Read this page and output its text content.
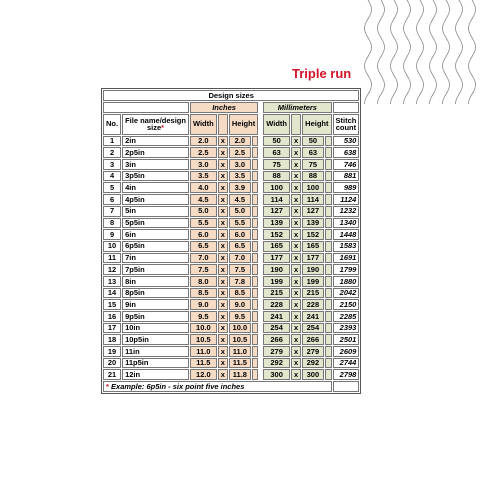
Triple run
Design sizes											
		Inches					Millimeters				
No.	File name/design
size*	Width		Height			Width		Height		Stitch
count
1	2in	2.0	x	2.0			50	x	50		530
2	2p5in	2.5	x	2.5			63	x	63		638
3	3in	3.0	x	3.0			75	x	75		746
4	3p5in	3.5	x	3.5			88	x	88		881
5	4in	4.0	x	3.9			100	x	100		989
6	4p5in	4.5	x	4.5			114	x	114		1124
7	5in	5.0	x	5.0			127	x	127		1232
8	5p5in	5.5	x	5.5			139	x	139		1340
9	6in	6.0	x	6.0			152	x	152		1448
10	6p5in	6.5	x	6.5			165	x	165		1583
11	7in	7.0	x	7.0			177	x	177		1691
12	7p5in	7.5	x	7.5			190	x	190		1799
13	8in	8.0	x	7.8			199	x	199		1880
14	8p5in	8.5	x	8.5			215	x	215		2042
15	9in	9.0	x	9.0			228	x	228		2150
16	9p5in	9.5	x	9.5			241	x	241		2285
17	10in	10.0	x	10.0			254	x	254		2393
18	10p5in	10.5	x	10.5			266	x	266		2501
19	11in	11.0	x	11.0			279	x	279		2609
20	11p5in	11.5	x	11.5			292	x	292		2744
21	12in	12.0	x	11.8			300	x	300		2798
* Example: 6p5in - six point five inches											
